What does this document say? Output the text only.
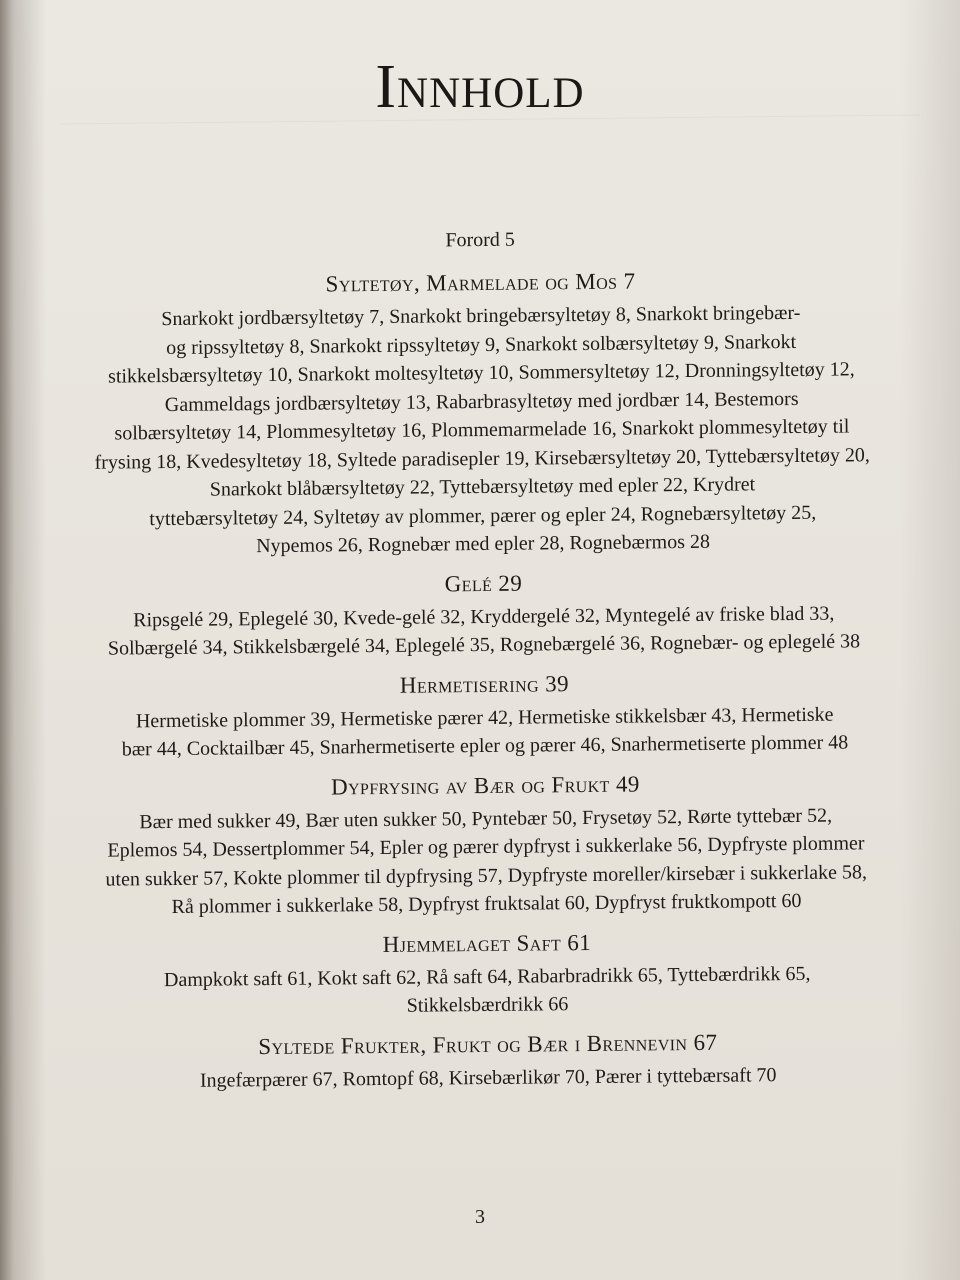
Innhold
Forord 5
Syltetøy, Marmelade og Mos 7
Snarkokt jordbærsyltetøy 7, Snarkokt bringebærsyltetøy 8, Snarkokt bringebær-
og ripssyltetøy 8, Snarkokt ripssyltetøy 9, Snarkokt solbærsyltetøy 9, Snarkokt
stikkelsbærsyltetøy 10, Snarkokt moltesyltetøy 10, Sommersyltetøy 12, Dronningsyltetøy 12,
Gammeldags jordbærsyltetøy 13, Rabarbrasyltetøy med jordbær 14, Bestemors
solbærsyltetøy 14, Plommesyltetøy 16, Plommemarmelade 16, Snarkokt plommesyltetøy til
frysing 18, Kvedesyltetøy 18, Syltede paradisepler 19, Kirsebærsyltetøy 20, Tyttebærsyltetøy 20,
Snarkokt blåbærsyltetøy 22, Tyttebærsyltetøy med epler 22, Krydret
tyttebærsyltetøy 24, Syltetøy av plommer, pærer og epler 24, Rognebærsyltetøy 25,
Nypemos 26, Rognebær med epler 28, Rognebærmos 28
Gelé 29
Ripsgelé 29, Eplegelé 30, Kvede-gelé 32, Kryddergelé 32, Myntegelé av friske blad 33,
Solbærgelé 34, Stikkelsbærgelé 34, Eplegelé 35, Rognebærgelé 36, Rognebær- og eplegelé 38
Hermetisering 39
Hermetiske plommer 39, Hermetiske pærer 42, Hermetiske stikkelsbær 43, Hermetiske
bær 44, Cocktailbær 45, Snarhermetiserte epler og pærer 46, Snarhermetiserte plommer 48
Dypfrysing av Bær og Frukt 49
Bær med sukker 49, Bær uten sukker 50, Pyntebær 50, Frysetøy 52, Rørte tyttebær 52,
Eplemos 54, Dessertplommer 54, Epler og pærer dypfryst i sukkerlake 56, Dypfryste plommer
uten sukker 57, Kokte plommer til dypfrysing 57, Dypfryste moreller/kirsebær i sukkerlake 58,
Rå plommer i sukkerlake 58, Dypfryst fruktsalat 60, Dypfryst fruktkompott 60
Hjemmelaget Saft 61
Dampkokt saft 61, Kokt saft 62, Rå saft 64, Rabarbradrikk 65, Tyttebærdrikk 65,
Stikkelsbærdrikk 66
Syltede Frukter, Frukt og Bær i Brennevin 67
Ingefærpærer 67, Romtopf 68, Kirsebærlikør 70, Pærer i tyttebærsaft 70
3
